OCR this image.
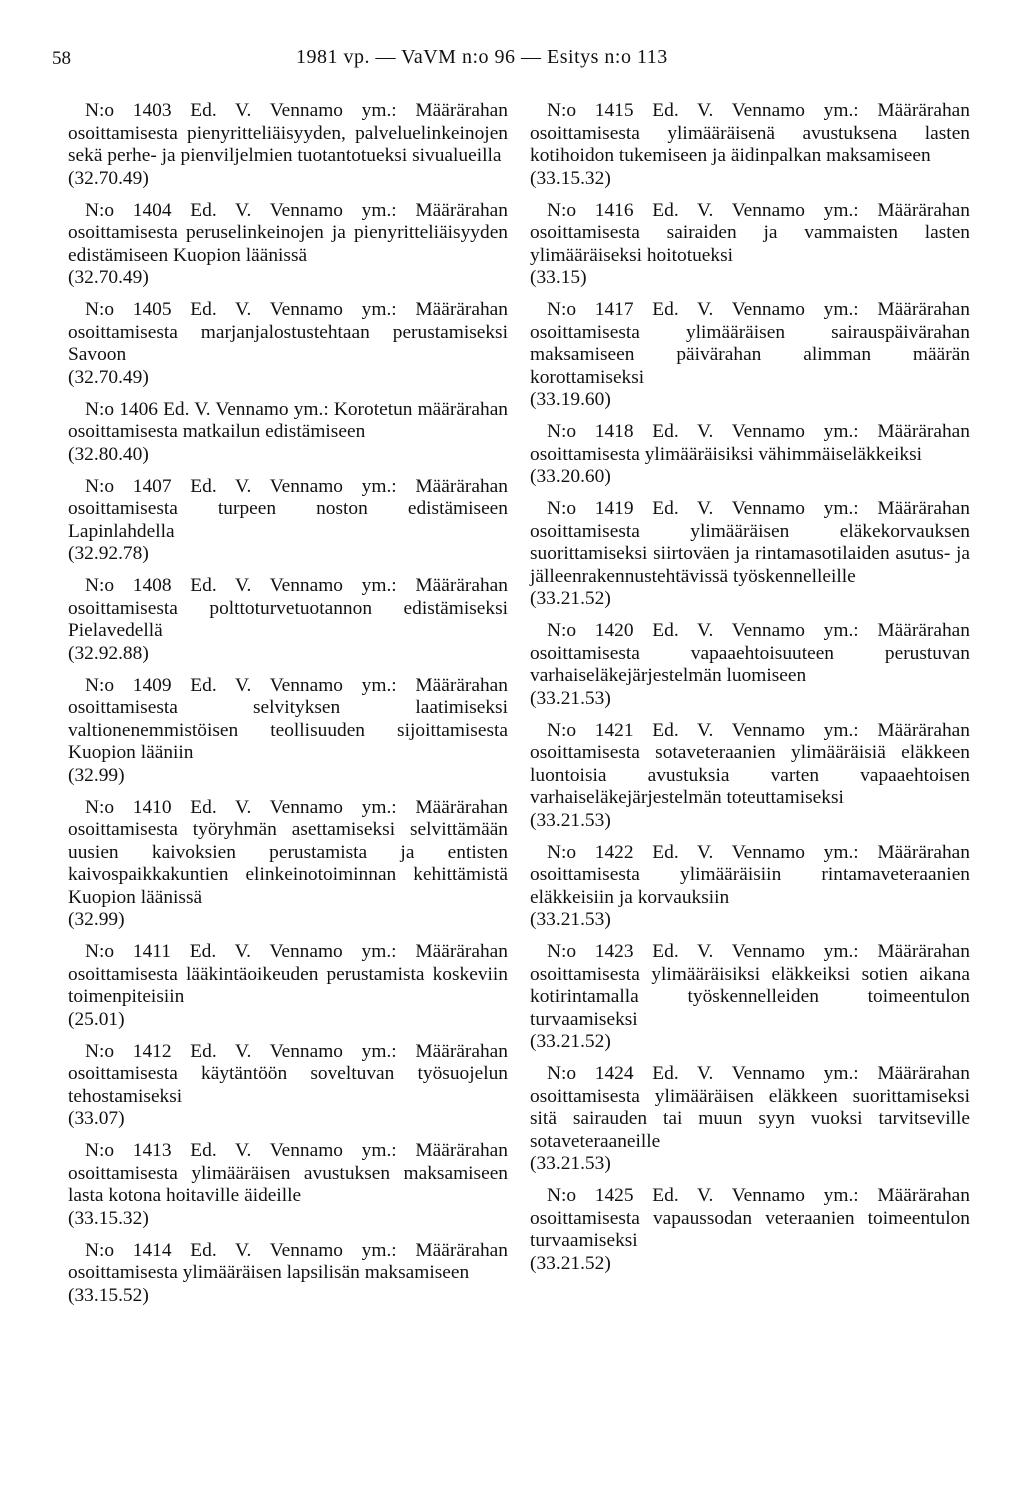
58	1981 vp. — VaVM n:o 96 — Esitys n:o 113
N:o 1403 Ed. V. Vennamo ym.: Määrärahan osoittamisesta pienyritteliäisyyden, palveluelinkeinojen sekä perhe- ja pienviljelmien tuotantotueksi sivualueilla
(32.70.49)
N:o 1404 Ed. V. Vennamo ym.: Määrärahan osoittamisesta peruselinkeinojen ja pienyritteliäisyyden edistämiseen Kuopion läänissä
(32.70.49)
N:o 1405 Ed. V. Vennamo ym.: Määrärahan osoittamisesta marjanjalostustehtaan perustamiseksi Savoon
(32.70.49)
N:o 1406 Ed. V. Vennamo ym.: Korotetun määrärahan osoittamisesta matkailun edistämiseen
(32.80.40)
N:o 1407 Ed. V. Vennamo ym.: Määrärahan osoittamisesta turpeen noston edistämiseen Lapinlahdella
(32.92.78)
N:o 1408 Ed. V. Vennamo ym.: Määrärahan osoittamisesta polttoturvetuotannon edistämiseksi Pielavedellä
(32.92.88)
N:o 1409 Ed. V. Vennamo ym.: Määrärahan osoittamisesta selvityksen laatimiseksi valtionenemmistöisen teollisuuden sijoittamisesta Kuopion lääniin
(32.99)
N:o 1410 Ed. V. Vennamo ym.: Määrärahan osoittamisesta työryhmän asettamiseksi selvittämään uusien kaivoksien perustamista ja entisten kaivospaikkakuntien elinkeinotoiminnan kehittämistä Kuopion läänissä
(32.99)
N:o 1411 Ed. V. Vennamo ym.: Määrärahan osoittamisesta lääkintäoikeuden perustamista koskeviin toimenpiteisiin
(25.01)
N:o 1412 Ed. V. Vennamo ym.: Määrärahan osoittamisesta käytäntöön soveltuvan työsuojelun tehostamiseksi
(33.07)
N:o 1413 Ed. V. Vennamo ym.: Määrärahan osoittamisesta ylimääräisen avustuksen maksamiseen lasta kotona hoitaville äideille
(33.15.32)
N:o 1414 Ed. V. Vennamo ym.: Määrärahan osoittamisesta ylimääräisen lapsilisän maksamiseen
(33.15.52)
N:o 1415 Ed. V. Vennamo ym.: Määrärahan osoittamisesta ylimääräisenä avustuksena lasten kotihoidon tukemiseen ja äidinpalkan maksamiseen
(33.15.32)
N:o 1416 Ed. V. Vennamo ym.: Määrärahan osoittamisesta sairaiden ja vammaisten lasten ylimääräiseksi hoitotueksi
(33.15)
N:o 1417 Ed. V. Vennamo ym.: Määrärahan osoittamisesta ylimääräisen sairauspäivärahan maksamiseen päivärahan alimman määrän korottamiseksi
(33.19.60)
N:o 1418 Ed. V. Vennamo ym.: Määrärahan osoittamisesta ylimääräisiksi vähimmäiseläkkeiksi
(33.20.60)
N:o 1419 Ed. V. Vennamo ym.: Määrärahan osoittamisesta ylimääräisen eläkekorvauksen suorittamiseksi siirtoväen ja rintamasotilaiden asutus- ja jälleenrakennustehtävissä työskennelleille
(33.21.52)
N:o 1420 Ed. V. Vennamo ym.: Määrärahan osoittamisesta vapaaehtoisuuteen perustuvan varhaiseläkejärjestelmän luomiseen
(33.21.53)
N:o 1421 Ed. V. Vennamo ym.: Määrärahan osoittamisesta sotaveteraanien ylimääräisiä eläkkeen luontoisia avustuksia varten vapaaehtoisen varhaiseläkejärjestelmän toteuttamiseksi
(33.21.53)
N:o 1422 Ed. V. Vennamo ym.: Määrärahan osoittamisesta ylimääräisiin rintamaveteraanien eläkkeisiin ja korvauksiin
(33.21.53)
N:o 1423 Ed. V. Vennamo ym.: Määrärahan osoittamisesta ylimääräisiksi eläkkeiksi sotien aikana kotirintamalla työskennelleiden toimeentulon turvaamiseksi
(33.21.52)
N:o 1424 Ed. V. Vennamo ym.: Määrärahan osoittamisesta ylimääräisen eläkkeen suorittamiseksi sitä sairauden tai muun syyn vuoksi tarvitseville sotaveteraaneille
(33.21.53)
N:o 1425 Ed. V. Vennamo ym.: Määrärahan osoittamisesta vapaussodan veteraanien toimeentulon turvaamiseksi
(33.21.52)
